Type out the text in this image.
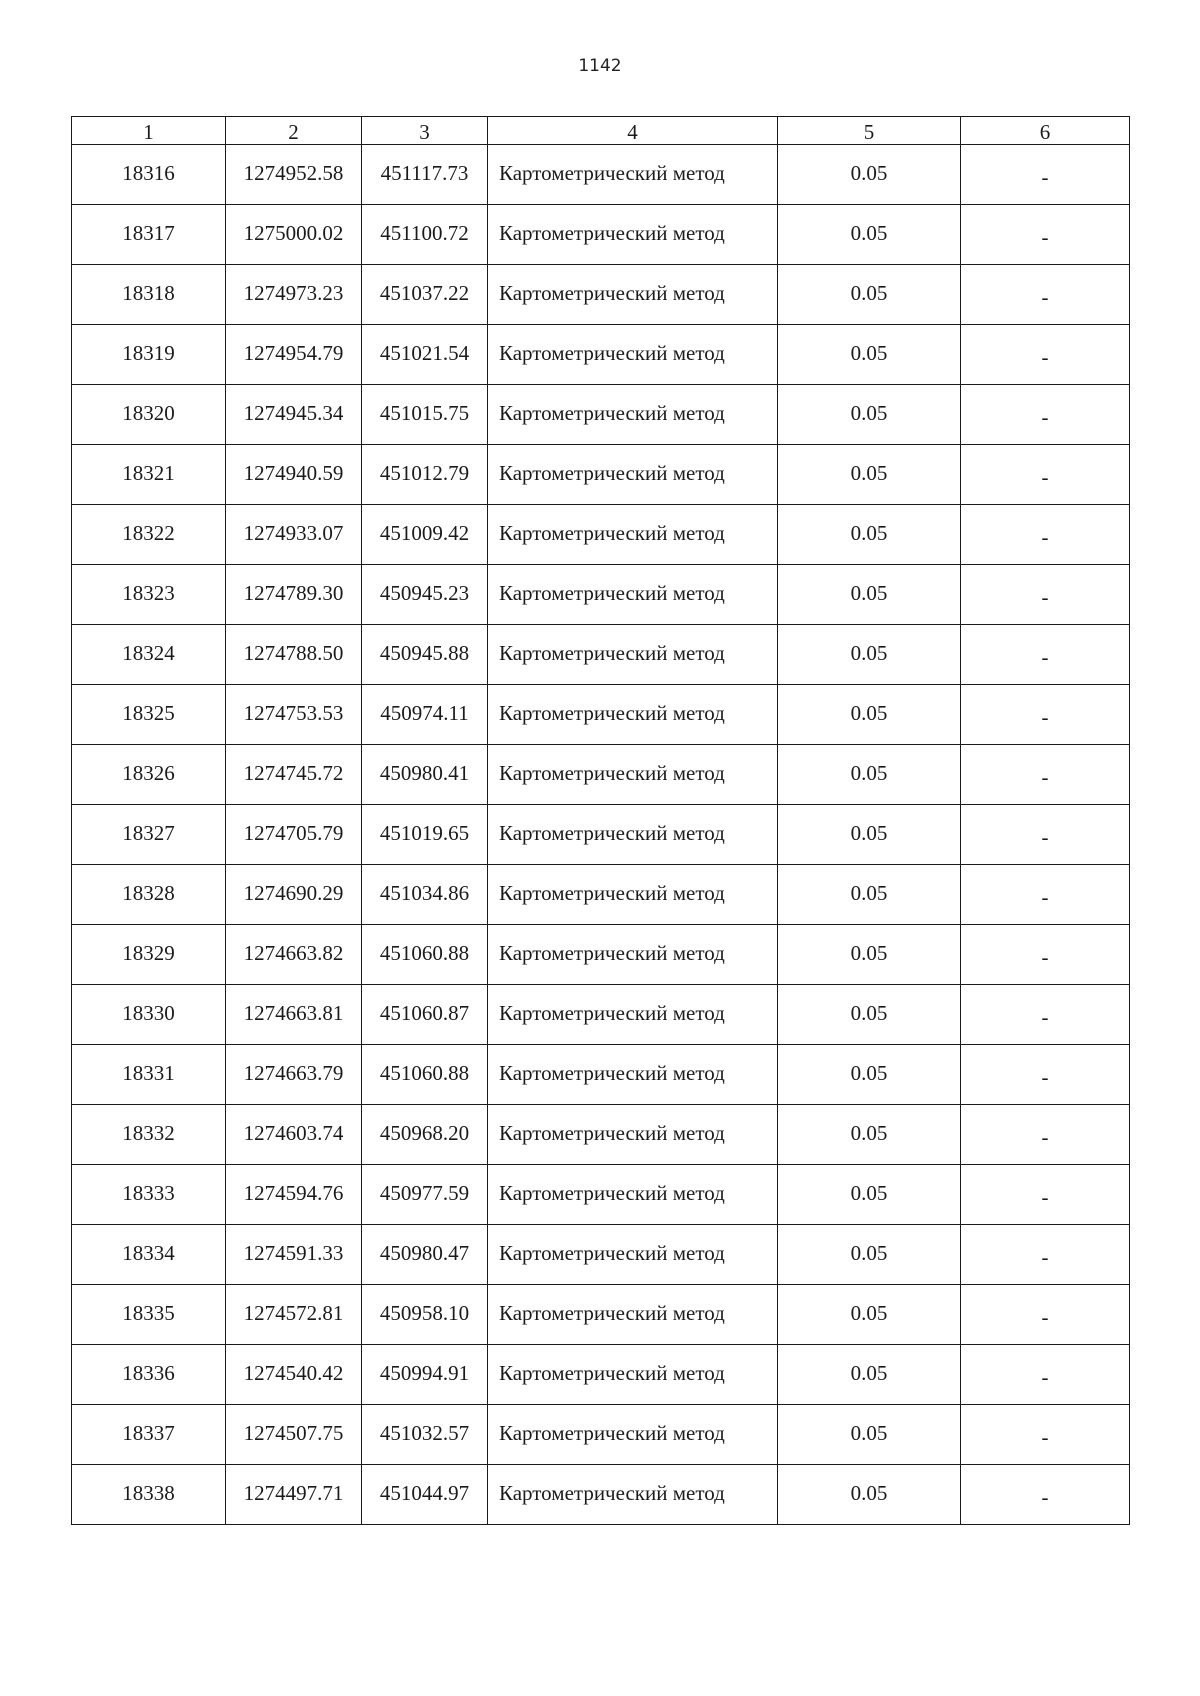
1142
1	2	3	4	5	6
18316	1274952.58	451117.73	Картометрический метод	0.05	-
18317	1275000.02	451100.72	Картометрический метод	0.05	-
18318	1274973.23	451037.22	Картометрический метод	0.05	-
18319	1274954.79	451021.54	Картометрический метод	0.05	-
18320	1274945.34	451015.75	Картометрический метод	0.05	-
18321	1274940.59	451012.79	Картометрический метод	0.05	-
18322	1274933.07	451009.42	Картометрический метод	0.05	-
18323	1274789.30	450945.23	Картометрический метод	0.05	-
18324	1274788.50	450945.88	Картометрический метод	0.05	-
18325	1274753.53	450974.11	Картометрический метод	0.05	-
18326	1274745.72	450980.41	Картометрический метод	0.05	-
18327	1274705.79	451019.65	Картометрический метод	0.05	-
18328	1274690.29	451034.86	Картометрический метод	0.05	-
18329	1274663.82	451060.88	Картометрический метод	0.05	-
18330	1274663.81	451060.87	Картометрический метод	0.05	-
18331	1274663.79	451060.88	Картометрический метод	0.05	-
18332	1274603.74	450968.20	Картометрический метод	0.05	-
18333	1274594.76	450977.59	Картометрический метод	0.05	-
18334	1274591.33	450980.47	Картометрический метод	0.05	-
18335	1274572.81	450958.10	Картометрический метод	0.05	-
18336	1274540.42	450994.91	Картометрический метод	0.05	-
18337	1274507.75	451032.57	Картометрический метод	0.05	-
18338	1274497.71	451044.97	Картометрический метод	0.05	-
